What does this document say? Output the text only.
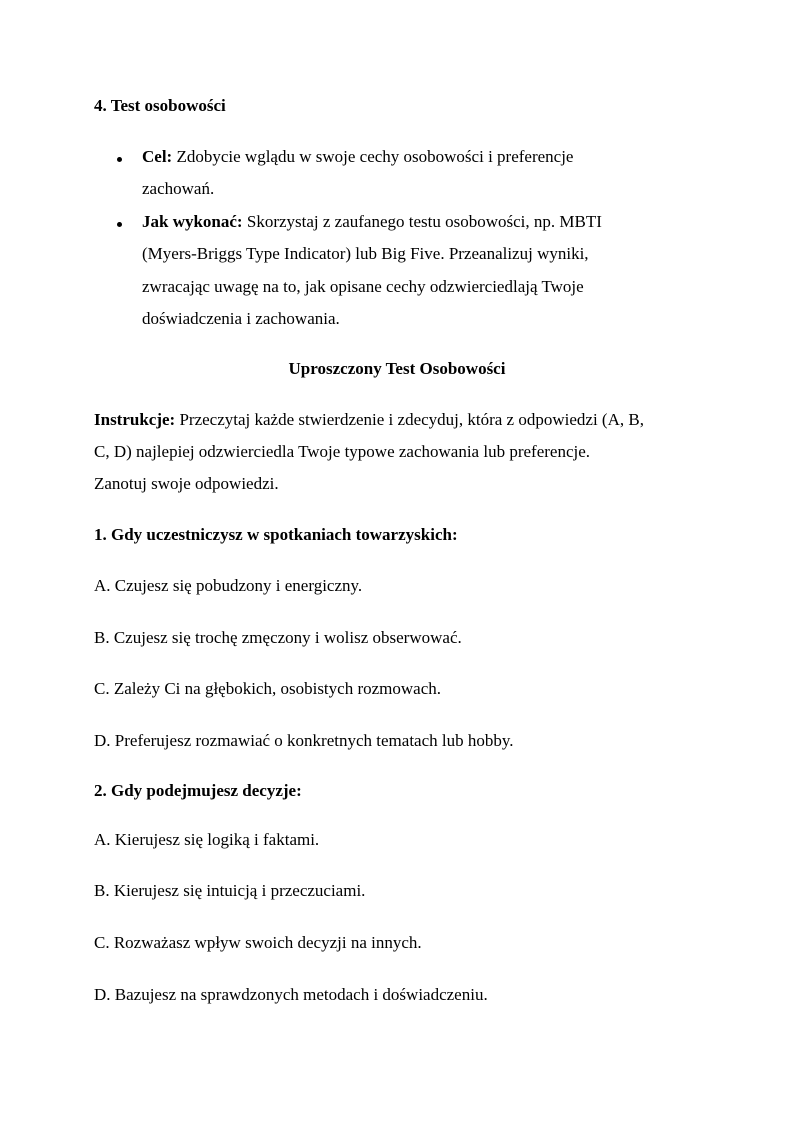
4. Test osobowości

Cel: Zdobycie wglądu w swoje cechy osobowości i preferencje

zachowań.

Jak wykonać: Skorzystaj z zaufanego testu osobowości, np. MBTI

(Myers-Briggs Type Indicator) lub Big Five. Przeanalizuj wyniki,

zwracając uwagę na to, jak opisane cechy odzwierciedlają Twoje

doświadczenia i zachowania.

Uproszczony Test Osobowości

Instrukcje: Przeczytaj każde stwierdzenie i zdecyduj, która z odpowiedzi (A, B,

C, D) najlepiej odzwierciedla Twoje typowe zachowania lub preferencje.

Zanotuj swoje odpowiedzi.

1. Gdy uczestniczysz w spotkaniach towarzyskich:

A. Czujesz się pobudzony i energiczny.

B. Czujesz się trochę zmęczony i wolisz obserwować.

C. Zależy Ci na głębokich, osobistych rozmowach.

D. Preferujesz rozmawiać o konkretnych tematach lub hobby.

2. Gdy podejmujesz decyzje:

A. Kierujesz się logiką i faktami.

B. Kierujesz się intuicją i przeczuciami.

C. Rozważasz wpływ swoich decyzji na innych.

D. Bazujesz na sprawdzonych metodach i doświadczeniu.
